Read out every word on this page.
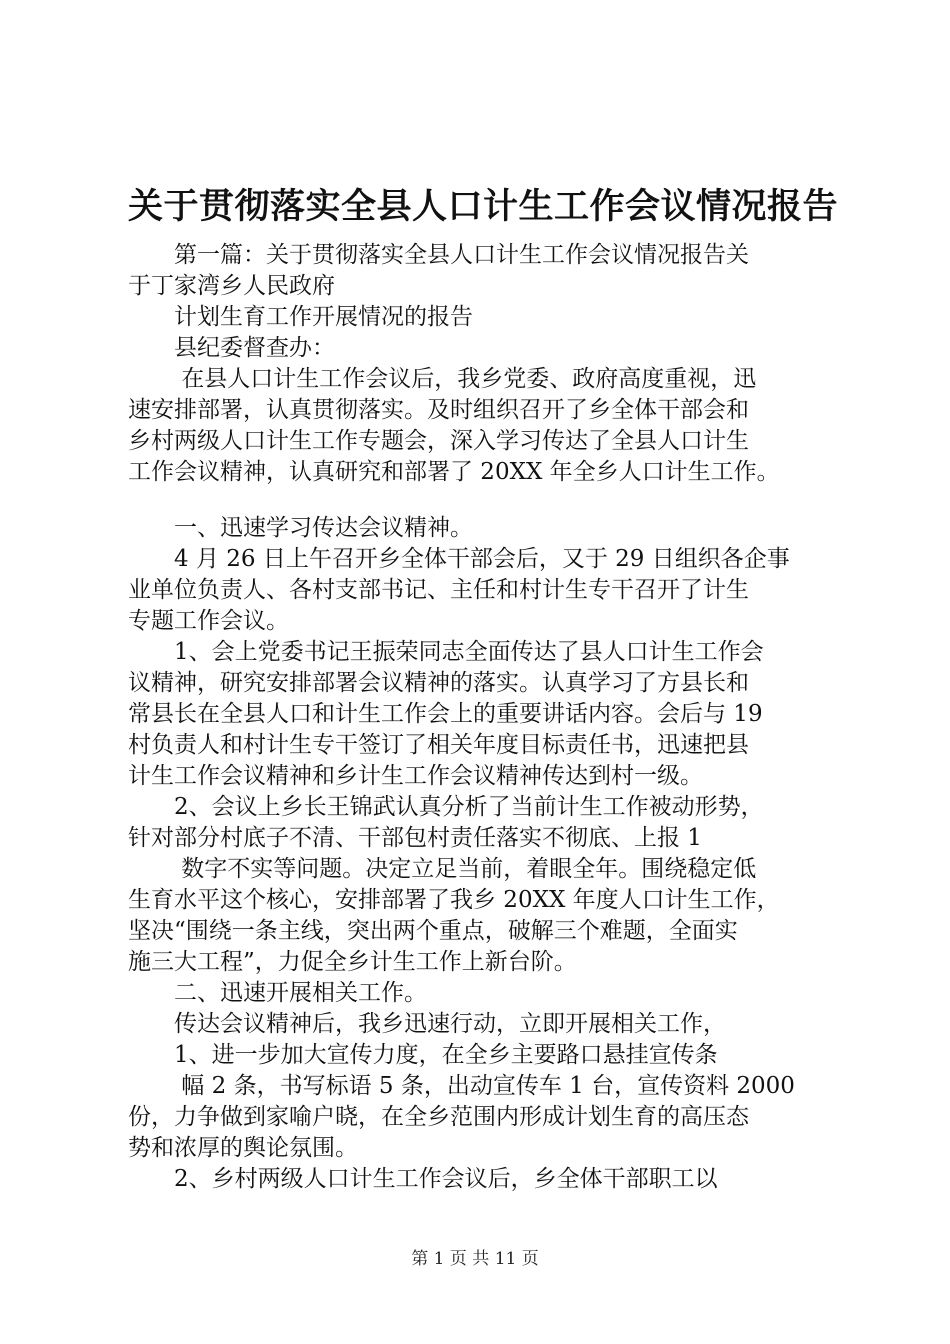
关于贯彻落实全县人口计生工作会议情况报告
　　第一篇：关于贯彻落实全县人口计生工作会议情况报告关
于丁家湾乡人民政府
　　计划生育工作开展情况的报告
　　县纪委督查办：
　　 在县人口计生工作会议后，我乡党委、政府高度重视，迅
速安排部署，认真贯彻落实。及时组织召开了乡全体干部会和
乡村两级人口计生工作专题会，深入学习传达了全县人口计生
工作会议精神，认真研究和部署了 20XX 年全乡人口计生工作。
　　一、迅速学习传达会议精神。
　　4 月 26 日上午召开乡全体干部会后，又于 29 日组织各企事
业单位负责人、各村支部书记、主任和村计生专干召开了计生
专题工作会议。
　　1、会上党委书记王振荣同志全面传达了县人口计生工作会
议精神，研究安排部署会议精神的落实。认真学习了方县长和
常县长在全县人口和计生工作会上的重要讲话内容。会后与 19
村负责人和村计生专干签订了相关年度目标责任书，迅速把县
计生工作会议精神和乡计生工作会议精神传达到村一级。
　　2、会议上乡长王锦武认真分析了当前计生工作被动形势，
针对部分村底子不清、干部包村责任落实不彻底、上报 1
　　 数字不实等问题。决定立足当前，着眼全年。围绕稳定低
生育水平这个核心，安排部署了我乡 20XX 年度人口计生工作，
坚决“围绕一条主线，突出两个重点，破解三个难题，全面实
施三大工程”，力促全乡计生工作上新台阶。
　　二、迅速开展相关工作。
　　传达会议精神后，我乡迅速行动，立即开展相关工作，
　　1、进一步加大宣传力度，在全乡主要路口悬挂宣传条
　　 幅 2 条，书写标语 5 条，出动宣传车 1 台，宣传资料 2000
份，力争做到家喻户晓，在全乡范围内形成计划生育的高压态
势和浓厚的舆论氛围。
　　2、乡村两级人口计生工作会议后，乡全体干部职工以
第 1 页 共 11 页
